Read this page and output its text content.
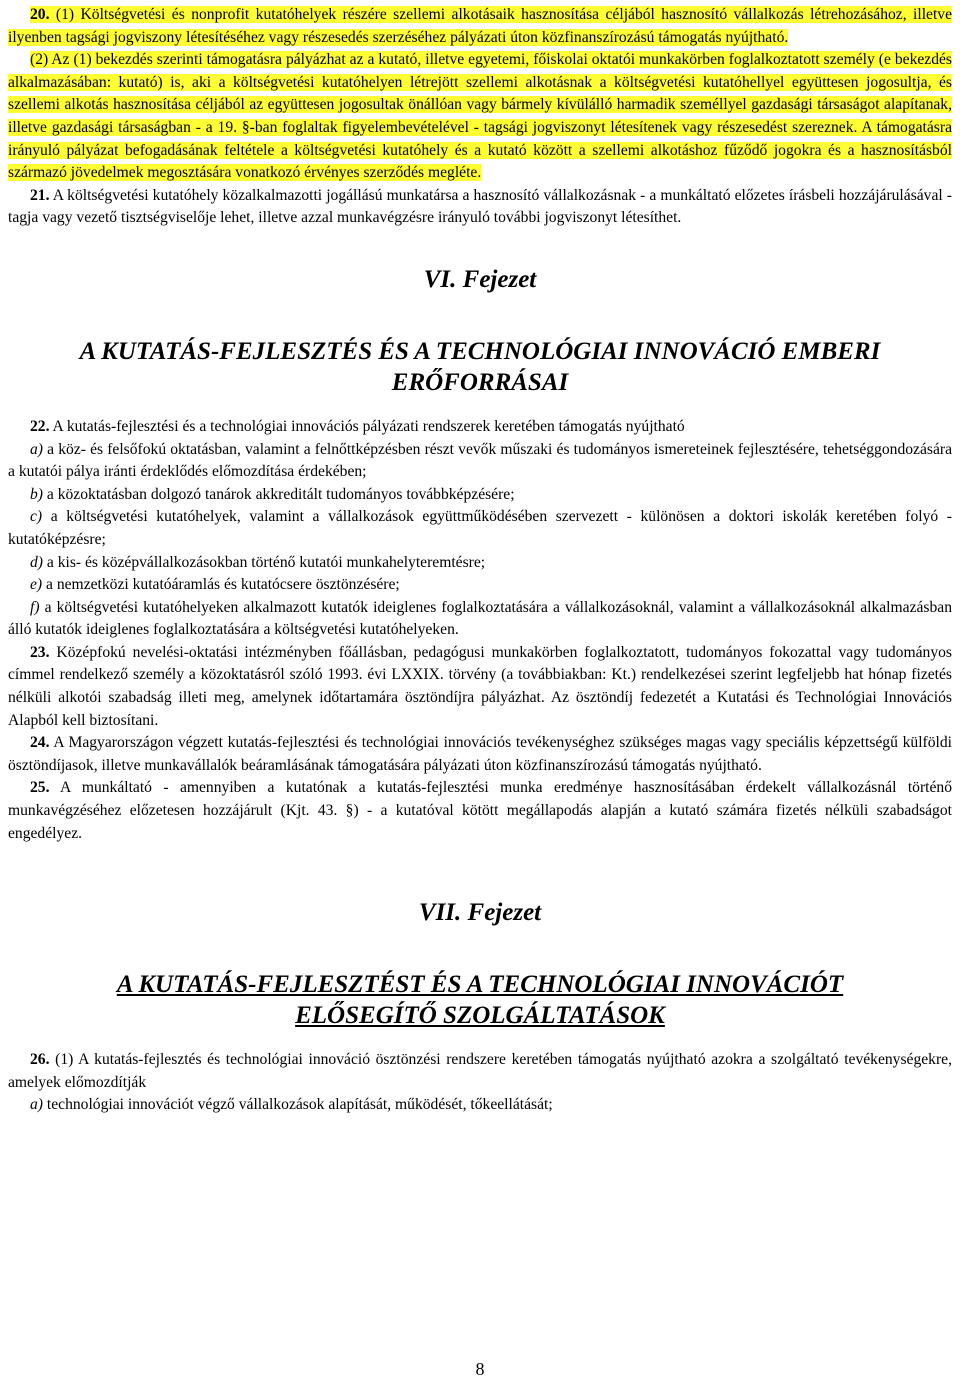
20. (1) Költségvetési és nonprofit kutatóhelyek részére szellemi alkotásaik hasznosítása céljából hasznosító vállalkozás létrehozásához, illetve ilyenben tagsági jogviszony létesítéséhez vagy részesedés szerzéséhez pályázati úton közfinanszírozású támogatás nyújtható.

(2) Az (1) bekezdés szerinti támogatásra pályázhat az a kutató, illetve egyetemi, főiskolai oktatói munkakörben foglalkoztatott személy (e bekezdés alkalmazásában: kutató) is, aki a költségvetési kutatóhelyen létrejött szellemi alkotásnak a költségvetési kutatóhellyel együttesen jogosultja, és szellemi alkotás hasznosítása céljából az együttesen jogosultak önállóan vagy bármely kívülálló harmadik személlyel gazdasági társaságot alapítanak, illetve gazdasági társaságban - a 19. §-ban foglaltak figyelembevételével - tagsági jogviszonyt létesítenek vagy részesedést szereznek. A támogatásra irányuló pályázat befogadásának feltétele a költségvetési kutatóhely és a kutató között a szellemi alkotáshoz fűződő jogokra és a hasznosításból származó jövedelmek megosztására vonatkozó érvényes szerződés megléte.

21. A költségvetési kutatóhely közalkalmazotti jogállású munkatársa a hasznosító vállalkozásnak - a munkáltató előzetes írásbeli hozzájárulásával - tagja vagy vezető tisztségviselője lehet, illetve azzal munkavégzésre irányuló további jogviszonyt létesíthet.

VI. Fejezet
A KUTATÁS-FEJLESZTÉS ÉS A TECHNOLÓGIAI INNOVÁCIÓ EMBERI
ERŐFORRÁSAI

22. A kutatás-fejlesztési és a technológiai innovációs pályázati rendszerek keretében támogatás nyújtható

a) a köz- és felsőfokú oktatásban, valamint a felnőttképzésben részt vevők műszaki és tudományos ismereteinek fejlesztésére, tehetséggondozására a kutatói pálya iránti érdeklődés előmozdítása érdekében;

b) a közoktatásban dolgozó tanárok akkreditált tudományos továbbképzésére;

c) a költségvetési kutatóhelyek, valamint a vállalkozások együttműködésében szervezett - különösen a doktori iskolák keretében folyó - kutatóképzésre;

d) a kis- és középvállalkozásokban történő kutatói munkahelyteremtésre;

e) a nemzetközi kutatóáramlás és kutatócsere ösztönzésére;

f) a költségvetési kutatóhelyeken alkalmazott kutatók ideiglenes foglalkoztatására a vállalkozásoknál, valamint a vállalkozásoknál alkalmazásban álló kutatók ideiglenes foglalkoztatására a költségvetési kutatóhelyeken.

23. Középfokú nevelési-oktatási intézményben főállásban, pedagógusi munkakörben foglalkoztatott, tudományos fokozattal vagy tudományos címmel rendelkező személy a közoktatásról szóló 1993. évi LXXIX. törvény (a továbbiakban: Kt.) rendelkezései szerint legfeljebb hat hónap fizetés nélküli alkotói szabadság illeti meg, amelynek időtartamára ösztöndíjra pályázhat. Az ösztöndíj fedezetét a Kutatási és Technológiai Innovációs Alapból kell biztosítani.

24. A Magyarországon végzett kutatás-fejlesztési és technológiai innovációs tevékenységhez szükséges magas vagy speciális képzettségű külföldi ösztöndíjasok, illetve munkavállalók beáramlásának támogatására pályázati úton közfinanszírozású támogatás nyújtható.

25. A munkáltató - amennyiben a kutatónak a kutatás-fejlesztési munka eredménye hasznosításában érdekelt vállalkozásnál történő munkavégzéséhez előzetesen hozzájárult (Kjt. 43. §) - a kutatóval kötött megállapodás alapján a kutató számára fizetés nélküli szabadságot engedélyez.

VII. Fejezet
A KUTATÁS-FEJLESZTÉST ÉS A TECHNOLÓGIAI INNOVÁCIÓT
ELŐSEGÍTŐ SZOLGÁLTATÁSOK

26. (1) A kutatás-fejlesztés és technológiai innováció ösztönzési rendszere keretében támogatás nyújtható azokra a szolgáltató tevékenységekre, amelyek előmozdítják

a) technológiai innovációt végző vállalkozások alapítását, működését, tőkeellátását;

8
